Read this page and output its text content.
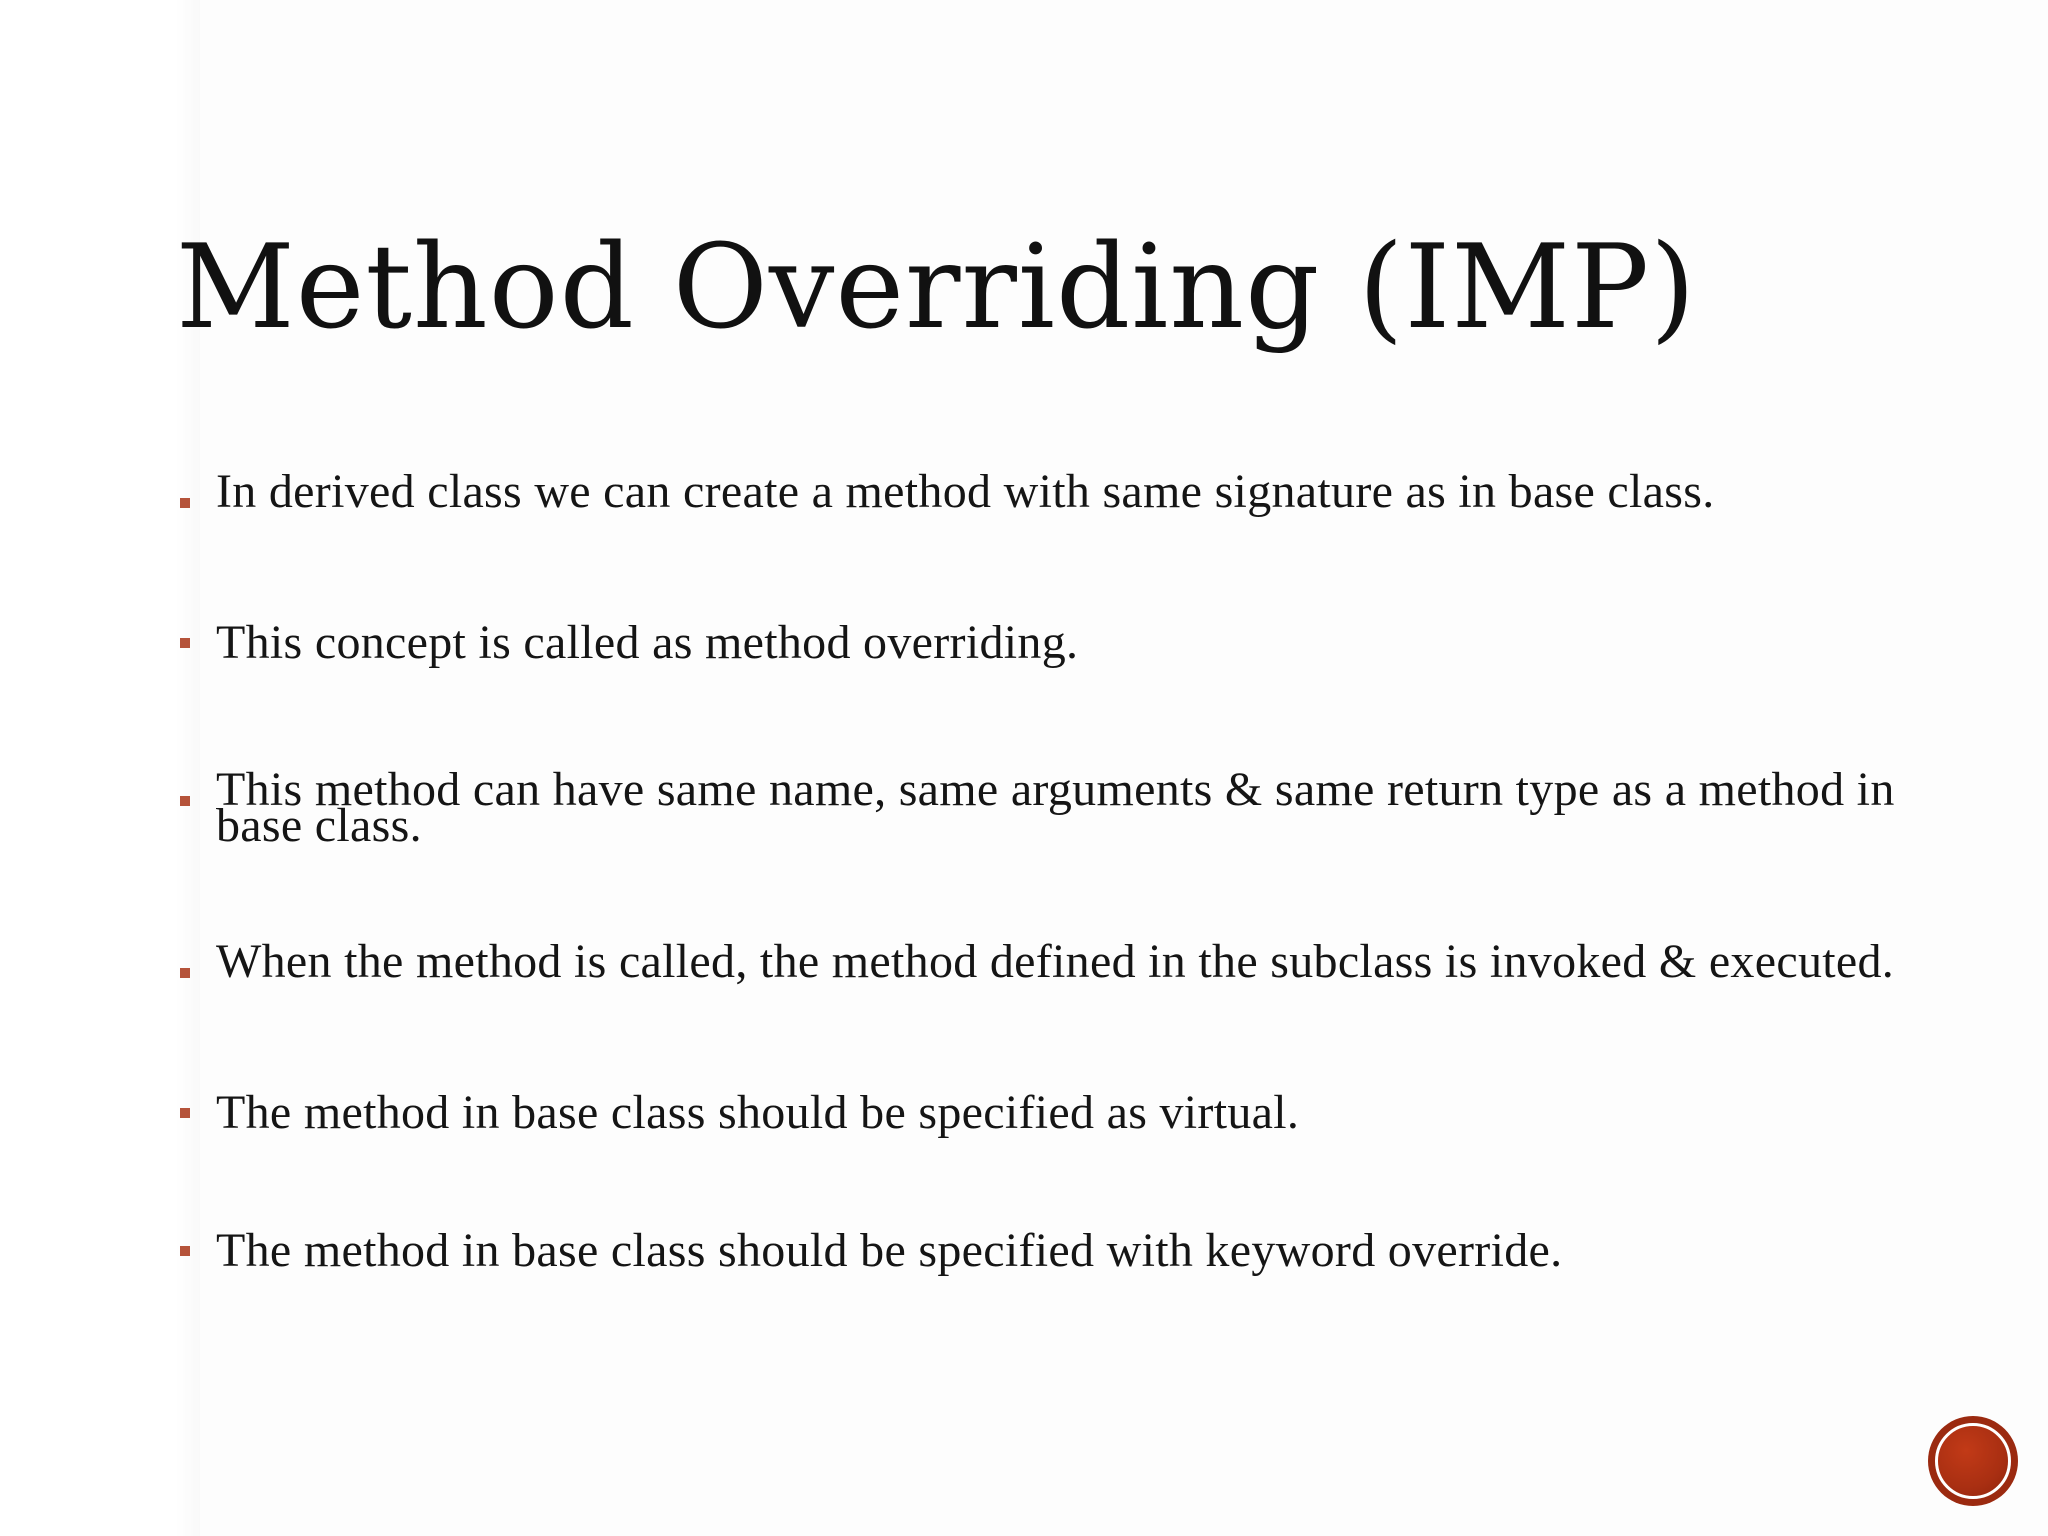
Method Overriding (IMP)
In derived class we can create a method with same signature as in base class.
This concept is called as method overriding.
This method can have same name, same arguments & same return type as a method in base class.
When the method is called, the method defined in the subclass is invoked & executed.
The method in base class should be specified as virtual.
The method in base class should be specified with keyword override.
